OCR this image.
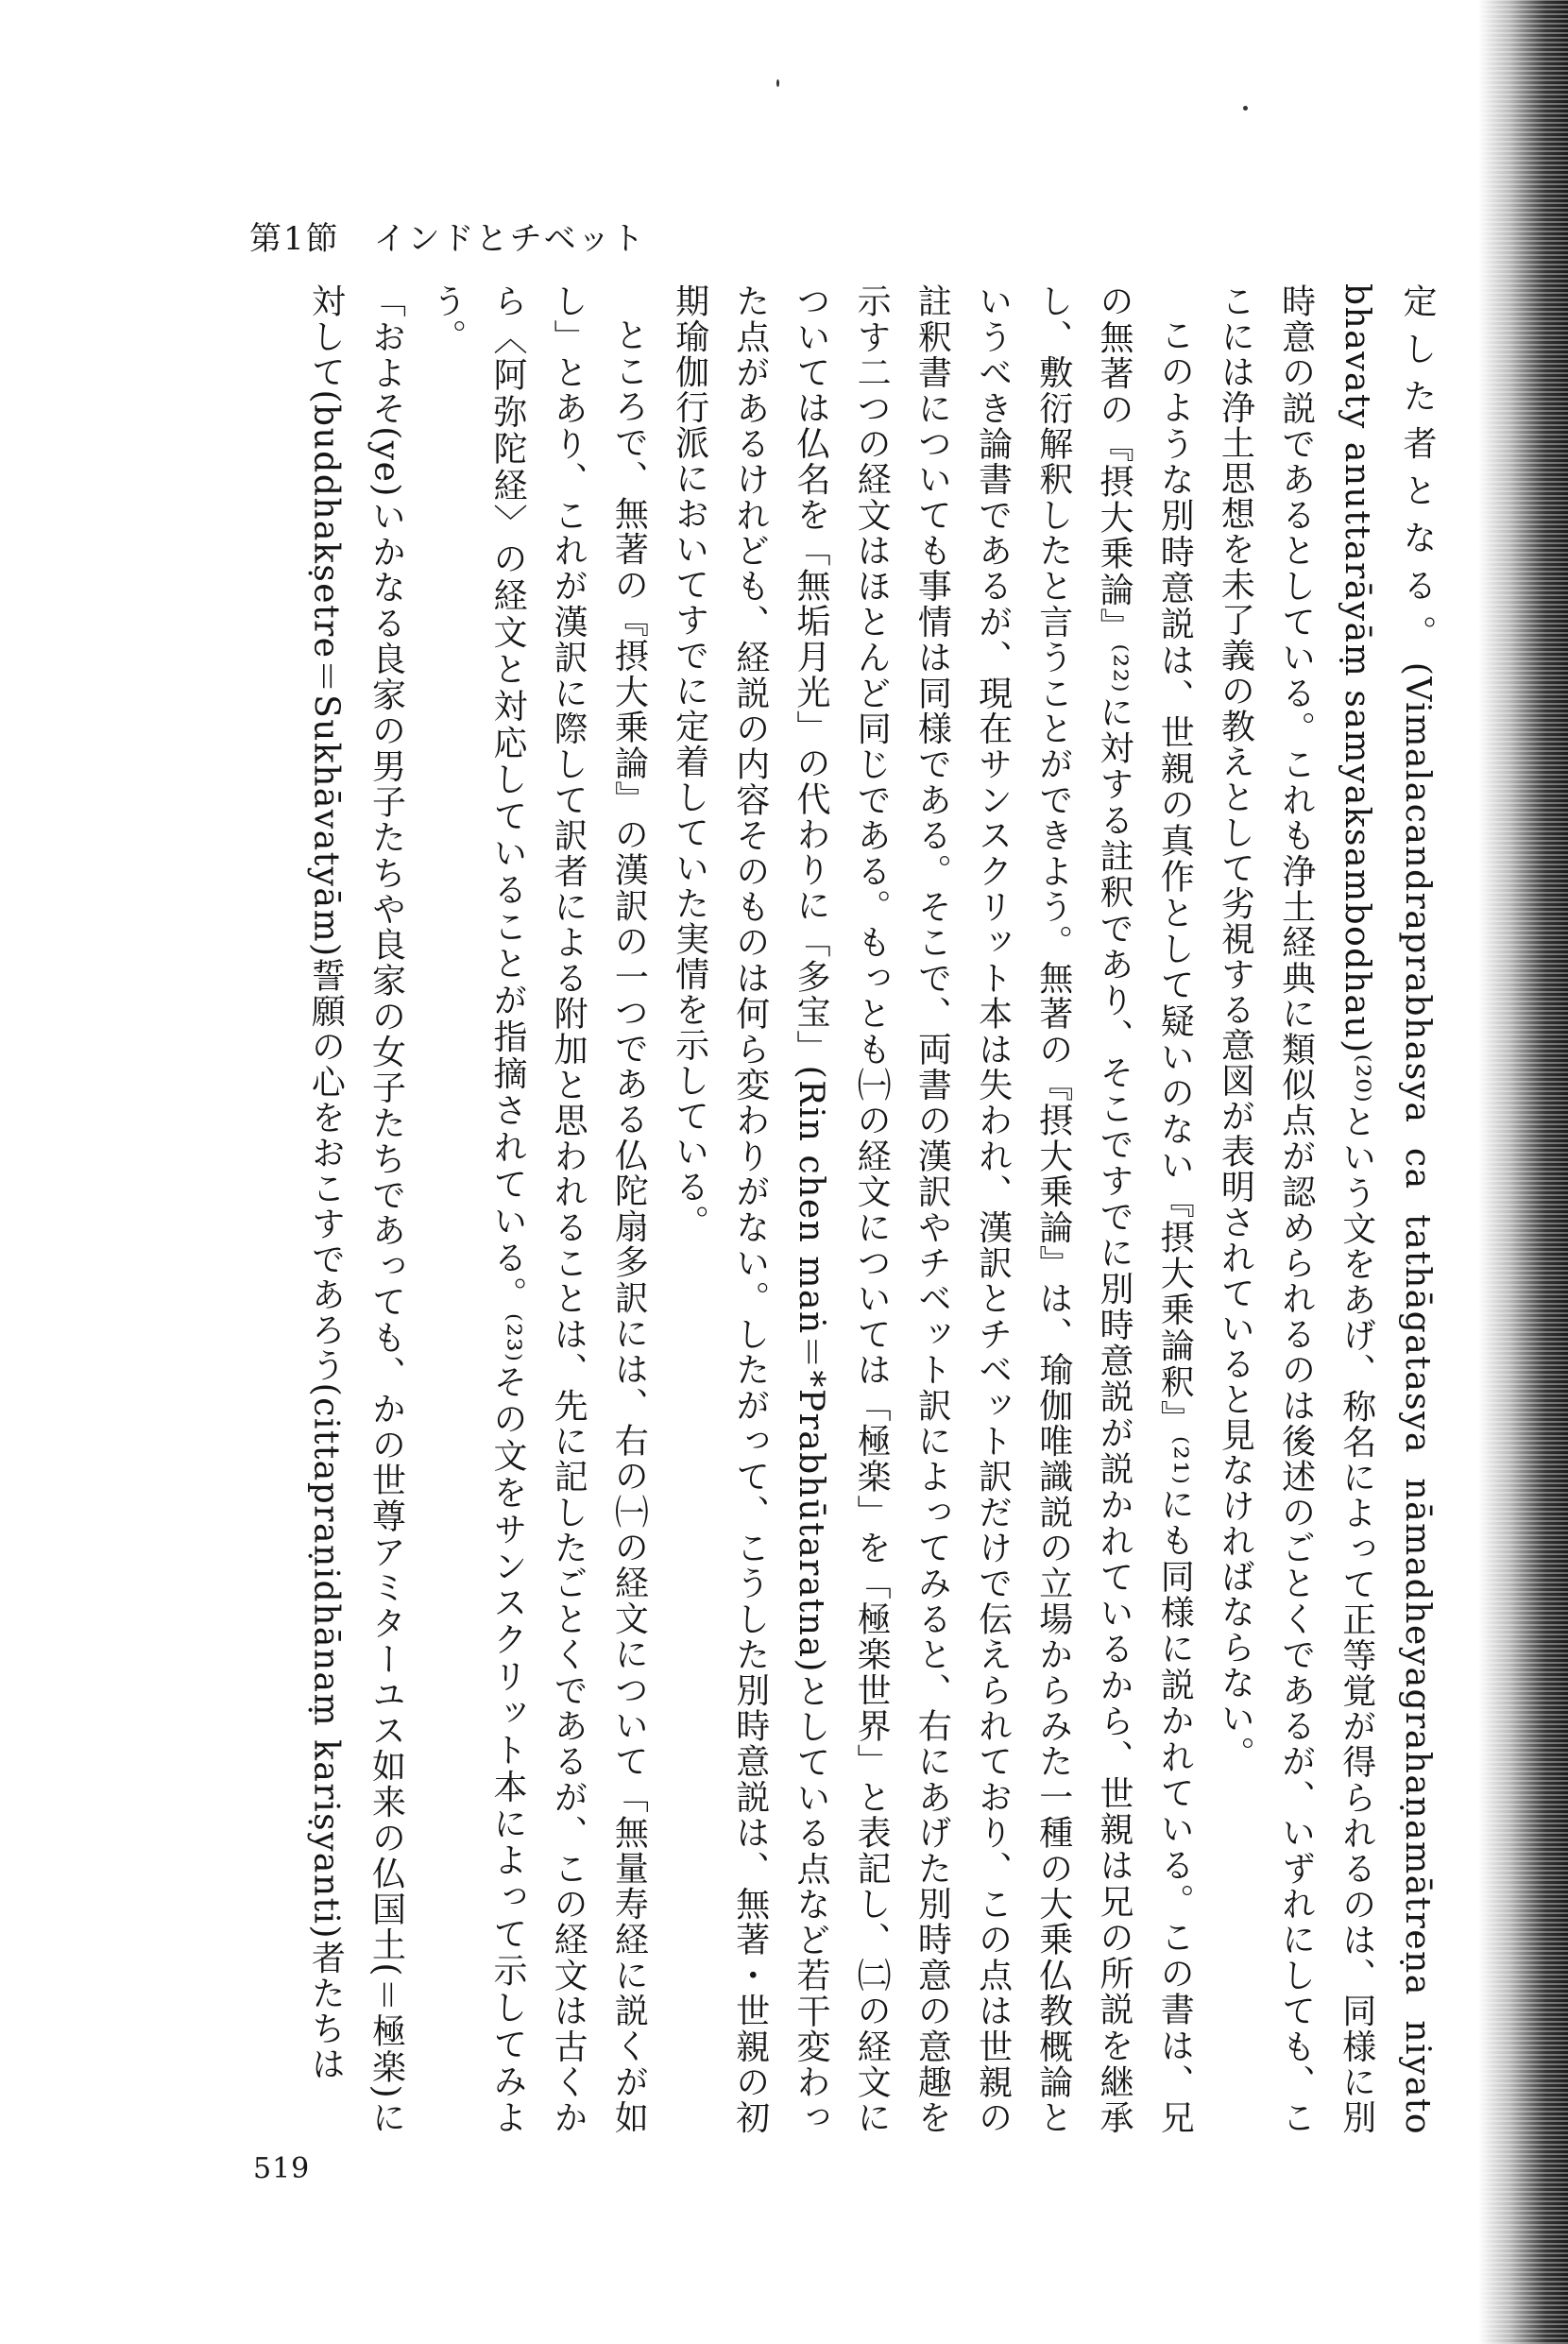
第1節　インドとチベット

定した者となる。(Vimalacandraprabhasya ca tathāgatasya nāmadheyagrahaṇamātreṇa niyato bhavaty anuttarāyāṃ samyaksambodhau)⁽²⁰⁾という文をあげ、称名によって正等覚が得られるのは、同様に別時意の説であるとしている。これも浄土経典に類似点が認められるのは後述のごとくであるが、いずれにしても、ここには浄土思想を未了義の教えとして劣視する意図が表明されていると見なければならない。

このような別時意説は、世親の真作として疑いのない『摂大乗論釈』⁽²¹⁾にも同様に説かれている。この書は、兄の無著の『摂大乗論』⁽²²⁾に対する註釈であり、そこですでに別時意説が説かれているから、世親は兄の所説を継承し、敷衍解釈したと言うことができよう。無著の『摂大乗論』は、瑜伽唯識説の立場からみた一種の大乗仏教概論というべき論書であるが、現在サンスクリット本は失われ、漢訳とチベット訳だけで伝えられており、この点は世親の註釈書についても事情は同様である。そこで、両書の漢訳やチベット訳によってみると、右にあげた別時意の意趣を示す二つの経文はほとんど同じである。もっとも㈠の経文については「極楽」を「極楽世界」と表記し、㈡の経文については仏名を「無垢月光」の代わりに「多宝」(Rin chen maṅ＝*Prabhūtaratna)としている点など若干変わった点があるけれども、経説の内容そのものは何ら変わりがない。したがって、こうした別時意説は、無著・世親の初期瑜伽行派においてすでに定着していた実情を示している。

ところで、無著の『摂大乗論』の漢訳の一つである仏陀扇多訳には、右の㈠の経文について「無量寿経に説くが如し」とあり、これが漢訳に際して訳者による附加と思われることは、先に記したごとくであるが、この経文は古くから〈阿弥陀経〉の経文と対応していることが指摘されている。⁽²³⁾その文をサンスクリット本によって示してみよう。

「およそ(ye)いかなる良家の男子たちや良家の女子たちであっても、かの世尊アミターユス如来の仏国土(＝極楽)に対して(buddhakṣetre＝Sukhāvatyām)誓願の心をおこすであろう(cittapraṇidhānaṃ kariṣyanti)者たちは

519
